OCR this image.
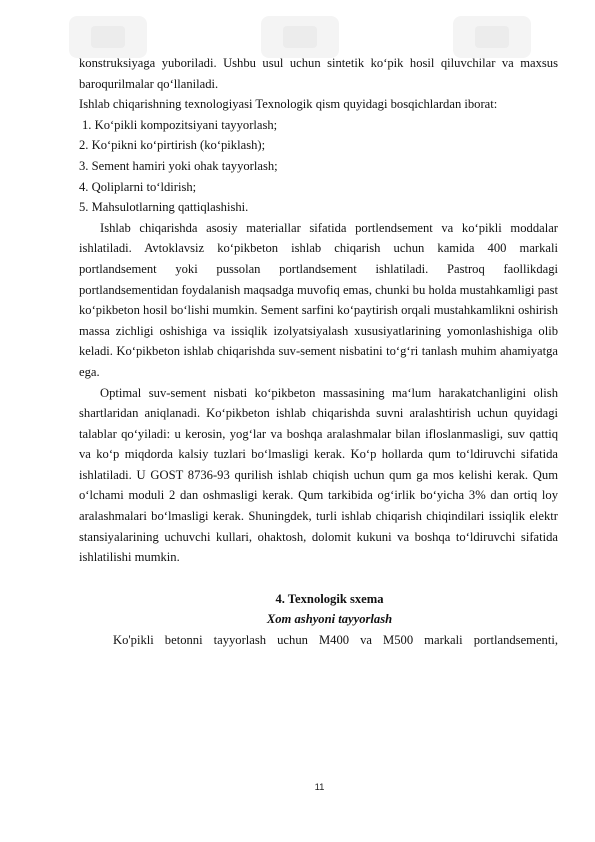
konstruksiyaga yuboriladi. Ushbu usul uchun sintetik ko‘pik hosil qiluvchilar va maxsus baroqurilmalar qo‘llaniladi.

Ishlab chiqarishning texnologiyasi Texnologik qism quyidagi bosqichlardan iborat:

1. Ko‘pikli kompozitsiyani tayyorlash;

2. Ko‘pikni ko‘pirtirish (ko‘piklash);

3. Sement hamiri yoki ohak tayyorlash;

4. Qoliplarni to‘ldirish;

5. Mahsulotlarning qattiqlashishi.

Ishlab chiqarishda asosiy materiallar sifatida portlendsement va ko‘pikli moddalar ishlatiladi. Avtoklavsiz ko‘pikbeton ishlab chiqarish uchun kamida 400 markali portlandsement yoki pussolan portlandsement ishlatiladi. Pastroq faollikdagi portlandsementidan foydalanish maqsadga muvofiq emas, chunki bu holda mustahkamligi past ko‘pikbeton hosil bo‘lishi mumkin. Sement sarfini ko‘paytirish orqali mustahkamlikni oshirish massa zichligi oshishiga va issiqlik izolyatsiyalash xususiyatlarining yomonlashishiga olib keladi. Ko‘pikbeton ishlab chiqarishda suv-sement nisbatini to‘g‘ri tanlash muhim ahamiyatga ega.

Optimal suv-sement nisbati ko‘pikbeton massasining ma‘lum harakatchanligini olish shartlaridan aniqlanadi. Ko‘pikbeton ishlab chiqarishda suvni aralashtirish uchun quyidagi talablar qo‘yiladi: u kerosin, yog‘lar va boshqa aralashmalar bilan ifloslanmasligi, suv qattiq va ko‘p miqdorda kalsiy tuzlari bo‘lmasligi kerak. Ko‘p hollarda qum to‘ldiruvchi sifatida ishlatiladi. U GOST 8736-93 qurilish ishlab chiqish uchun qum ga mos kelishi kerak. Qum o‘lchami moduli 2 dan oshmasligi kerak. Qum tarkibida og‘irlik bo‘yicha 3% dan ortiq loy aralashmalari bo‘lmasligi kerak. Shuningdek, turli ishlab chiqarish chiqindilari issiqlik elektr stansiyalarining uchuvchi kullari, ohaktosh, dolomit kukuni va boshqa to‘ldiruvchi sifatida ishlatilishi mumkin.

4. Texnologik sxema

Xom ashyoni tayyorlash

Ko'pikli betonni tayyorlash uchun M400 va M500 markali portlandsementi,

11
